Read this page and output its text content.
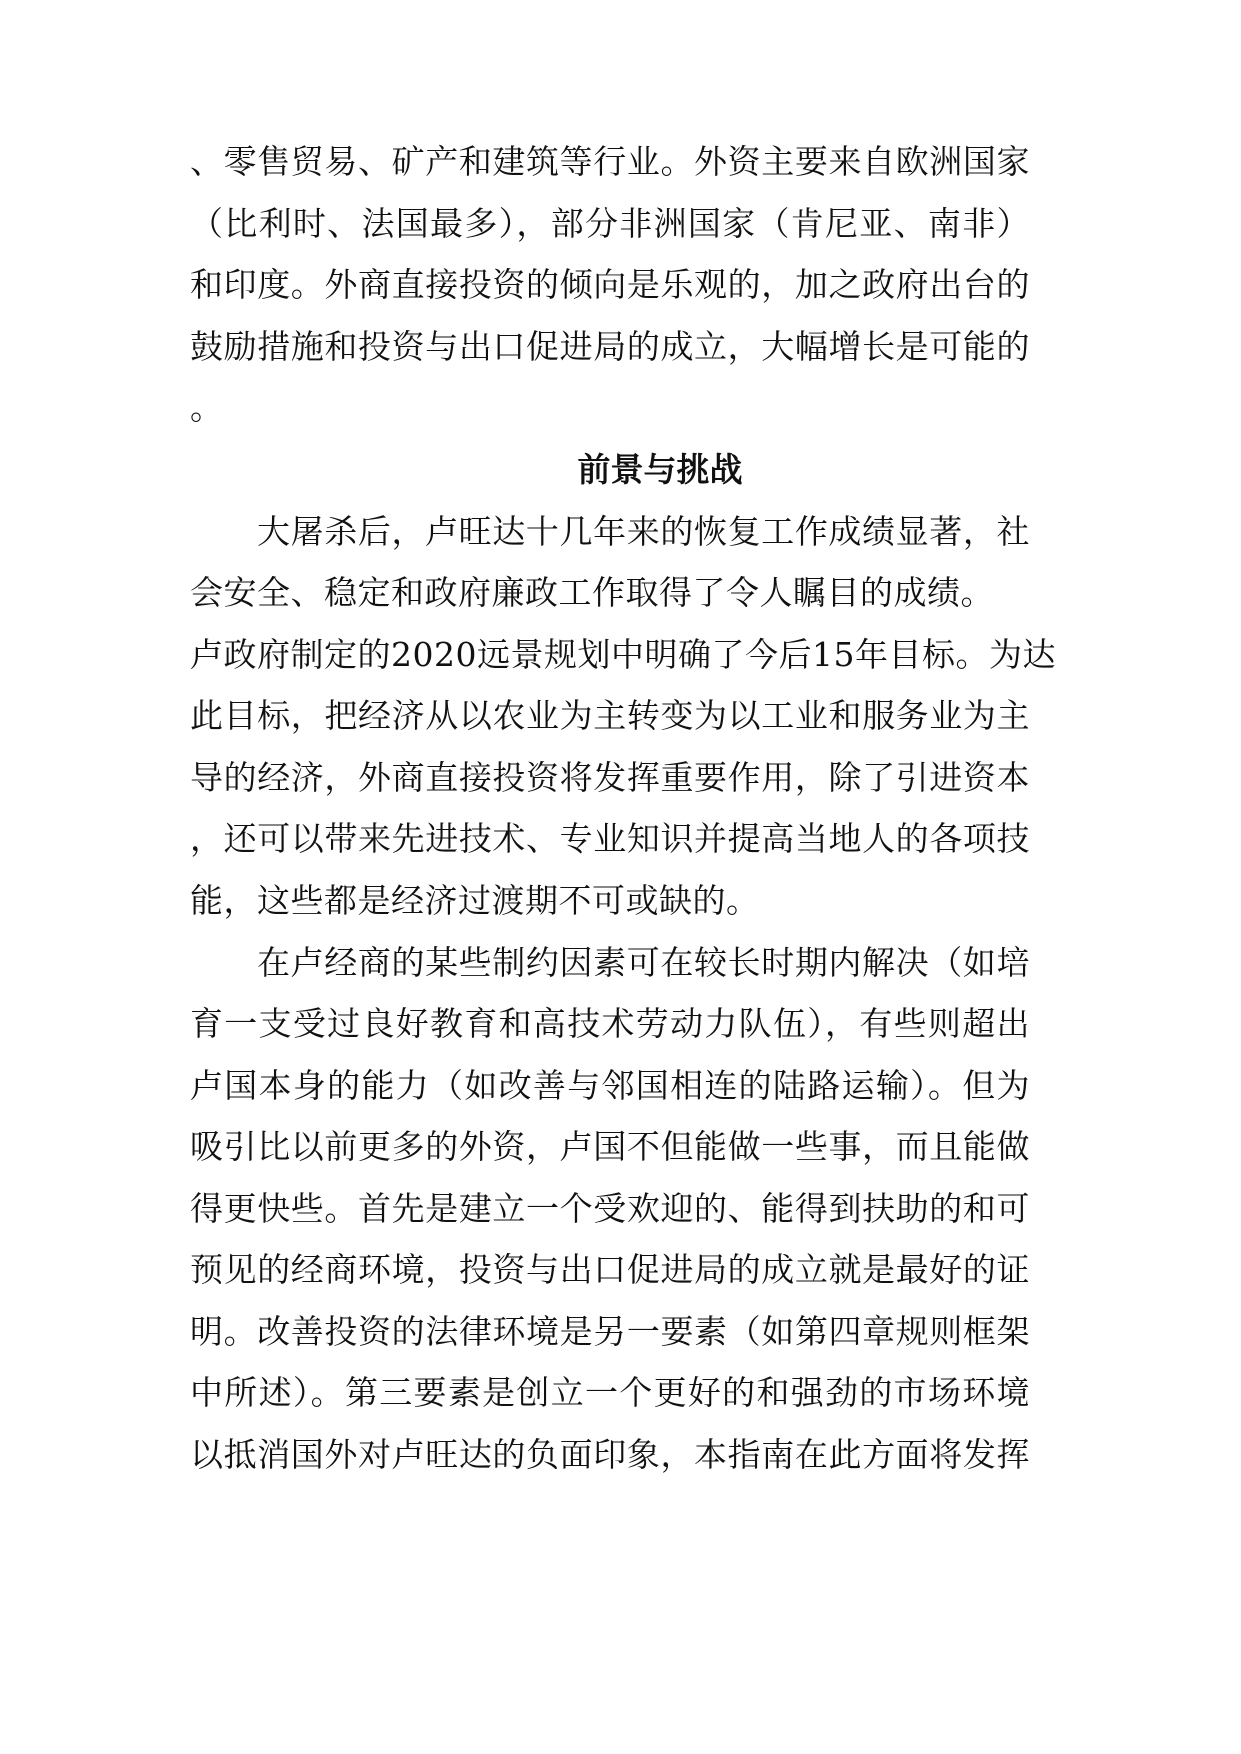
、零售贸易、矿产和建筑等行业。外资主要来自欧洲国家
（比利时、法国最多），部分非洲国家（肯尼亚、南非）
和印度。外商直接投资的倾向是乐观的，加之政府出台的
鼓励措施和投资与出口促进局的成立，大幅增长是可能的
。
前景与挑战
大屠杀后，卢旺达十几年来的恢复工作成绩显著，社
会安全、稳定和政府廉政工作取得了令人瞩目的成绩。
卢政府制定的2020远景规划中明确了今后15年目标。为达
此目标，把经济从以农业为主转变为以工业和服务业为主
导的经济，外商直接投资将发挥重要作用，除了引进资本
，还可以带来先进技术、专业知识并提高当地人的各项技
能，这些都是经济过渡期不可或缺的。
在卢经商的某些制约因素可在较长时期内解决（如培
育一支受过良好教育和高技术劳动力队伍），有些则超出
卢国本身的能力（如改善与邻国相连的陆路运输）。但为
吸引比以前更多的外资，卢国不但能做一些事，而且能做
得更快些。首先是建立一个受欢迎的、能得到扶助的和可
预见的经商环境，投资与出口促进局的成立就是最好的证
明。改善投资的法律环境是另一要素（如第四章规则框架
中所述）。第三要素是创立一个更好的和强劲的市场环境
以抵消国外对卢旺达的负面印象，本指南在此方面将发挥
